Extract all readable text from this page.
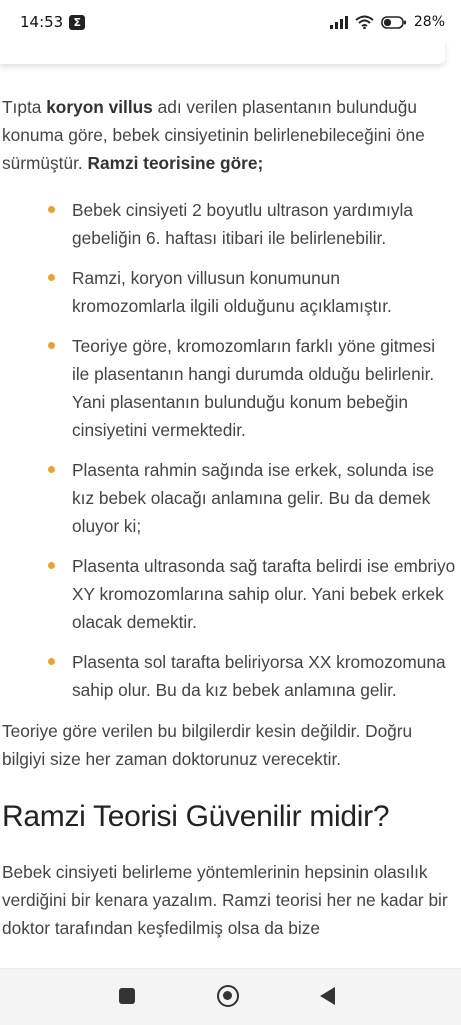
14:53 Σ	28%

Tıpta koryon villus adı verilen plasentanın bulunduğu konuma göre, bebek cinsiyetinin belirlenebileceğini öne sürmüştür. Ramzi teorisine göre;

Bebek cinsiyeti 2 boyutlu ultrason yardımıyla gebeliğin 6. haftası itibari ile belirlenebilir.
Ramzi, koryon villusun konumunun kromozomlarla ilgili olduğunu açıklamıştır.
Teoriye göre, kromozomların farklı yöne gitmesi ile plasentanın hangi durumda olduğu belirlenir. Yani plasentanın bulunduğu konum bebeğin cinsiyetini vermektedir.
Plasenta rahmin sağında ise erkek, solunda ise kız bebek olacağı anlamına gelir. Bu da demek oluyor ki;
Plasenta ultrasonda sağ tarafta belirdi ise embriyo XY kromozomlarına sahip olur. Yani bebek erkek olacak demektir.
Plasenta sol tarafta beliriyorsa XX kromozomuna sahip olur. Bu da kız bebek anlamına gelir.

Teoriye göre verilen bu bilgilerdir kesin değildir. Doğru bilgiyi size her zaman doktorunuz verecektir.

Ramzi Teorisi Güvenilir midir?

Bebek cinsiyeti belirleme yöntemlerinin hepsinin olasılık verdiğini bir kenara yazalım. Ramzi teorisi her ne kadar bir doktor tarafından keşfedilmiş olsa da bize
